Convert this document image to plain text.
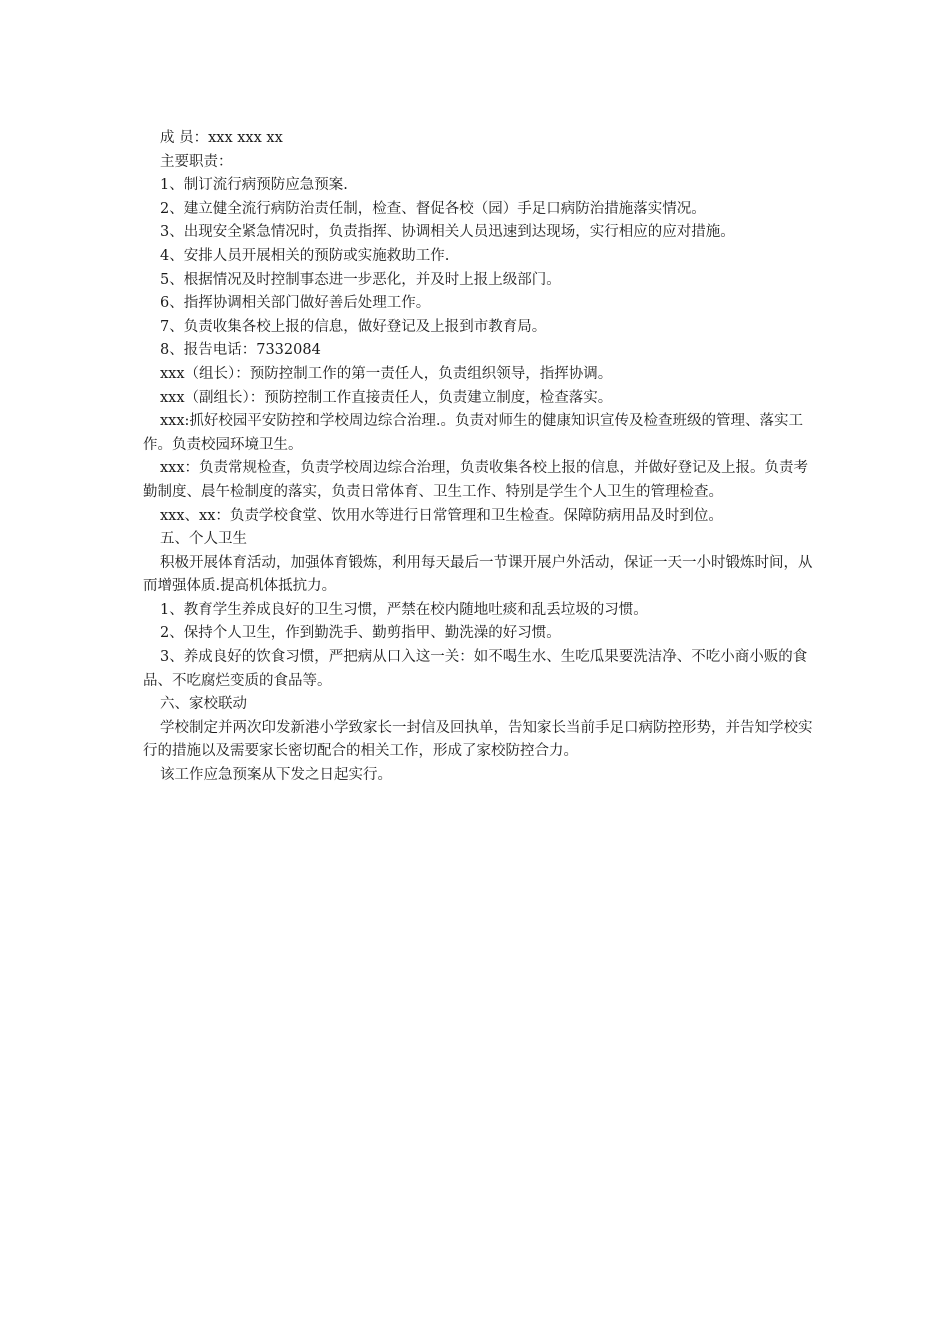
成 员：xxx xxx xx

主要职责：

1、制订流行病预防应急预案.

2、建立健全流行病防治责任制，检查、督促各校（园）手足口病防治措施落实情况。

3、出现安全紧急情况时，负责指挥、协调相关人员迅速到达现场，实行相应的应对措施。

4、安排人员开展相关的预防或实施救助工作.

5、根据情况及时控制事态进一步恶化，并及时上报上级部门。

6、指挥协调相关部门做好善后处理工作。

7、负责收集各校上报的信息，做好登记及上报到市教育局。

8、报告电话：7332084

xxx（组长）：预防控制工作的第一责任人，负责组织领导，指挥协调。

xxx（副组长）：预防控制工作直接责任人，负责建立制度，检查落实。

xxx:抓好校园平安防控和学校周边综合治理.。负责对师生的健康知识宣传及检查班级的管理、落实工作。负责校园环境卫生。

xxx：负责常规检查，负责学校周边综合治理，负责收集各校上报的信息，并做好登记及上报。负责考勤制度、晨午检制度的落实，负责日常体育、卫生工作、特别是学生个人卫生的管理检查。

xxx、xx：负责学校食堂、饮用水等进行日常管理和卫生检查。保障防病用品及时到位。

五、个人卫生

积极开展体育活动，加强体育锻炼，利用每天最后一节课开展户外活动，保证一天一小时锻炼时间，从而增强体质.提高机体抵抗力。

1、教育学生养成良好的卫生习惯，严禁在校内随地吐痰和乱丢垃圾的习惯。

2、保持个人卫生，作到勤洗手、勤剪指甲、勤洗澡的好习惯。

3、养成良好的饮食习惯，严把病从口入这一关：如不喝生水、生吃瓜果要洗洁净、不吃小商小贩的食品、不吃腐烂变质的食品等。

六、家校联动

学校制定并两次印发新港小学致家长一封信及回执单，告知家长当前手足口病防控形势，并告知学校实行的措施以及需要家长密切配合的相关工作，形成了家校防控合力。

该工作应急预案从下发之日起实行。
